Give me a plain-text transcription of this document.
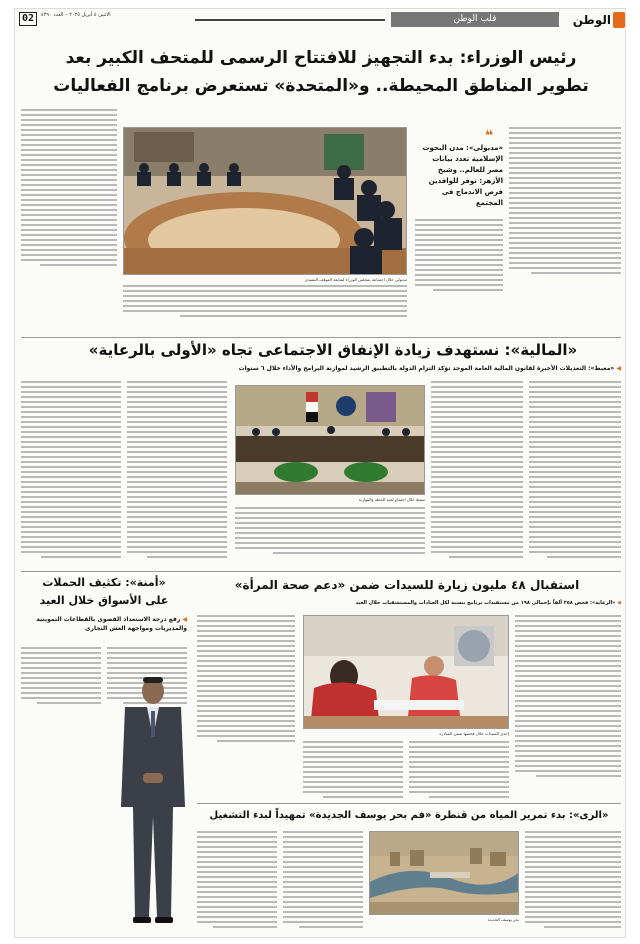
02	الاثنين ٤ أبريل ٢٠٢٥ – العدد ٤٣٩٠	قلب الوطن	الوطن
رئيس الوزراء: بدء التجهيز للافتتاح الرسمى للمتحف الكبير بعد
تطوير المناطق المحيطة.. و«المتحدة» تستعرض برنامج الفعاليات
مدبولى خلال اجتماعه بمجلس الوزراء لمتابعة الموقف التنفيذى
❝
«مدبولى»: مدن البحوث الإسلامية تعدد بيانات مصر للعالم.. وشيخ الأزهر: نوفر للوافدين فرص الاندماج فى المجتمع
«المالية»: نستهدف زيادة الإنفاق الاجتماعى تجاه «الأولى بالرعاية»
◀ «معيط»: التعديلات الأخيرة لقانون المالية العامة الموحد تؤكد التزام الدولة بالتطبيق الرشيد لموازنة البرامج والأداء خلال ٦ سنوات
معيط خلال اجتماع لجنة الخطة والموازنة
استقبال ٤٨ مليون زيارة للسيدات ضمن «دعم صحة المرأة»
◀ «الرعاية»: فحص ٢٥٨ ألفاً بإجمالى ١٩٨ من مستفيدات برنامج بنسبة لكل العيادات والمستشفيات خلال العيد
«أمنة»: تكثيف الحملات
على الأسواق خلال العيد
◀ رفع درجة الاستعداد القصوى بالقطاعات التموينية والمديريات ومواجهة الغش التجارى
إحدى السيدات خلال فحصها ضمن المبادرة
«الرى»: بدء تمرير المياه من قنطرة «فم بحر يوسف الجديدة» تمهيداً لبدء التشغيل
بحر يوسف الجديدة
